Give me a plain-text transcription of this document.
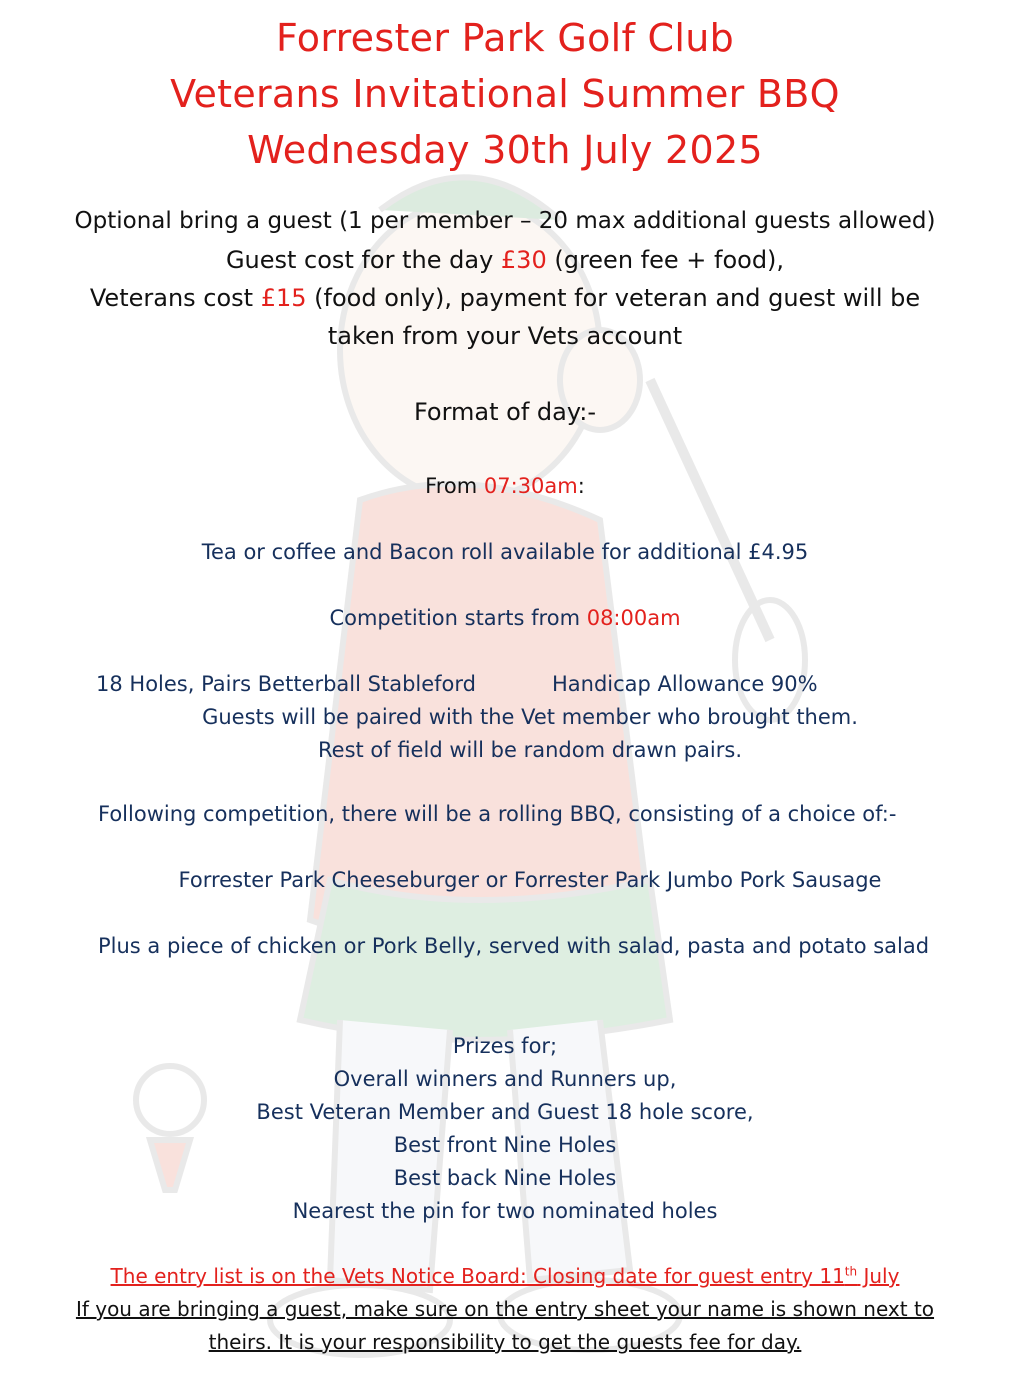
Forrester Park Golf Club
Veterans Invitational Summer BBQ
Wednesday 30th July 2025
Optional bring a guest (1 per member – 20 max additional guests allowed)
Guest cost for the day £30 (green fee + food),
Veterans cost £15 (food only), payment for veteran and guest will be
taken from your Vets account
Format of day:-
From 07:30am:
Tea or coffee and Bacon roll available for additional £4.95
Competition starts from 08:00am
18 Holes, Pairs Betterball Stableford	Handicap Allowance 90%
Guests will be paired with the Vet member who brought them.
Rest of field will be random drawn pairs.
Following competition, there will be a rolling BBQ, consisting of a choice of:-
Forrester Park Cheeseburger or Forrester Park Jumbo Pork Sausage
Plus a piece of chicken or Pork Belly, served with salad, pasta and potato salad
Prizes for;
Overall winners and Runners up,
Best Veteran Member and Guest 18 hole score,
Best front Nine Holes
Best back Nine Holes
Nearest the pin for two nominated holes
The entry list is on the Vets Notice Board: Closing date for guest entry 11th July
If you are bringing a guest, make sure on the entry sheet your name is shown next to
theirs. It is your responsibility to get the guests fee for day.
